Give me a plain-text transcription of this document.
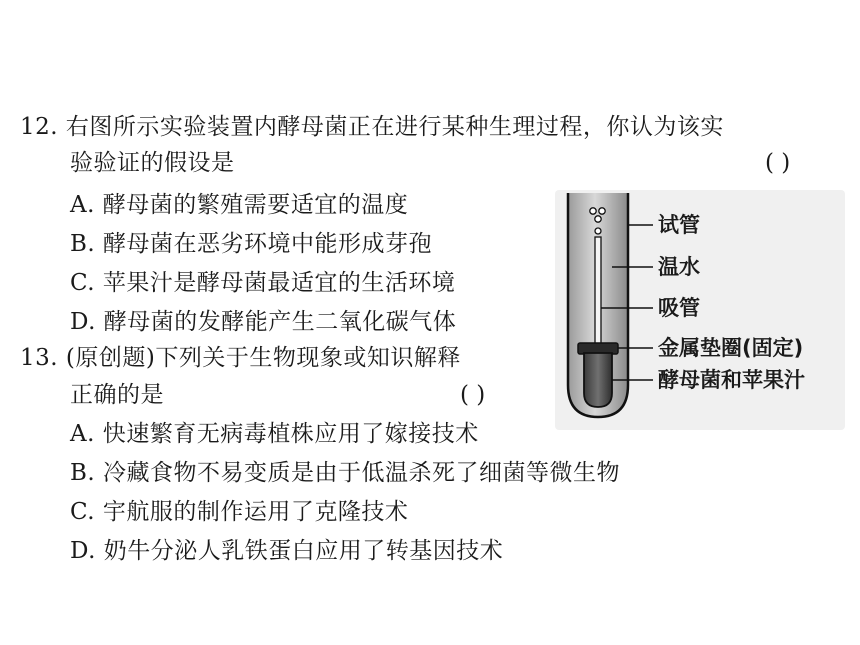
12. 右图所示实验装置内酵母菌正在进行某种生理过程，你认为该实
验验证的假设是	( )
A. 酵母菌的繁殖需要适宜的温度
B. 酵母菌在恶劣环境中能形成芽孢
C. 苹果汁是酵母菌最适宜的生活环境
D. 酵母菌的发酵能产生二氧化碳气体
试管
温水
吸管
金属垫圈(固定)
酵母菌和苹果汁
13. (原创题)下列关于生物现象或知识解释
正确的是	( )
A. 快速繁育无病毒植株应用了嫁接技术
B. 冷藏食物不易变质是由于低温杀死了细菌等微生物
C. 宇航服的制作运用了克隆技术
D. 奶牛分泌人乳铁蛋白应用了转基因技术
